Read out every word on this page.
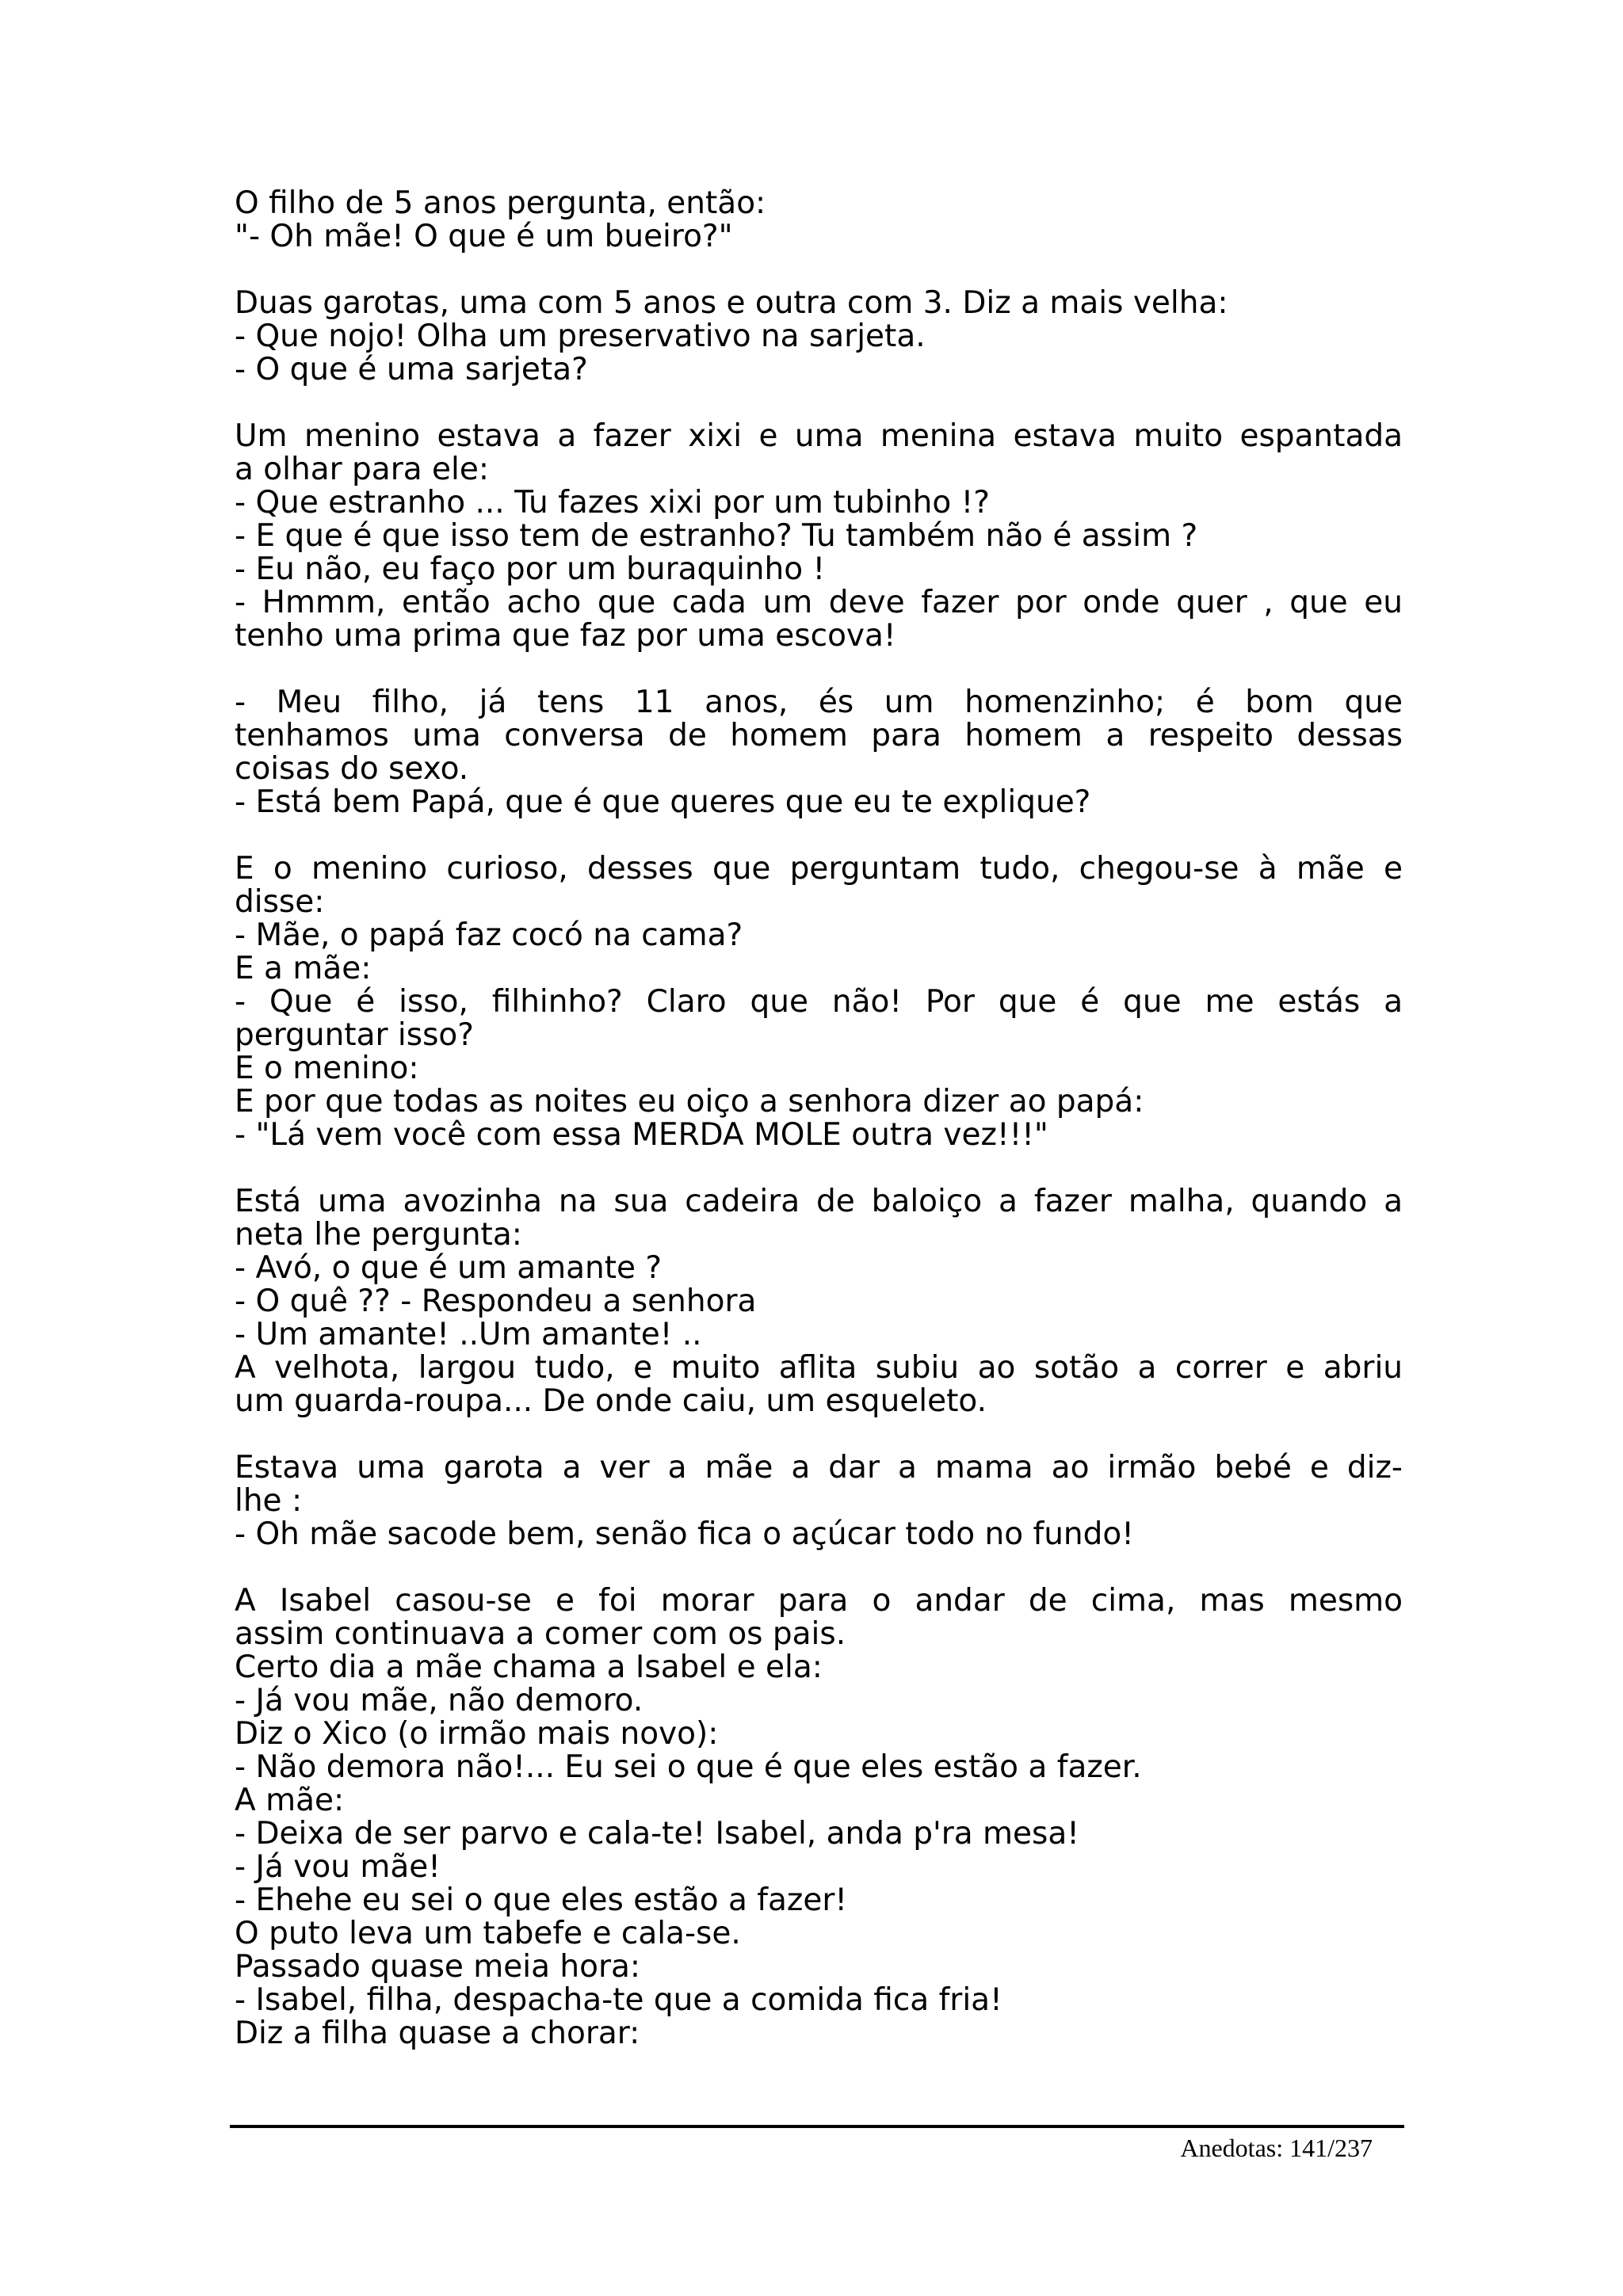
O filho de 5 anos pergunta, então:
"- Oh mãe! O que é um bueiro?"
Duas garotas, uma com 5 anos e outra com 3. Diz a mais velha:
- Que nojo! Olha um preservativo na sarjeta.
- O que é uma sarjeta?
Um menino estava a fazer xixi e uma menina estava muito espantada
a olhar para ele:
- Que estranho ... Tu fazes xixi por um tubinho !?
- E que é que isso tem de estranho? Tu também não é assim ?
- Eu não, eu faço por um buraquinho !
- Hmmm, então acho que cada um deve fazer por onde quer , que eu
tenho uma prima que faz por uma escova!
- Meu filho, já tens 11 anos, és um homenzinho; é bom que
tenhamos uma conversa de homem para homem a respeito dessas
coisas do sexo.
- Está bem Papá, que é que queres que eu te explique?
E o menino curioso, desses que perguntam tudo, chegou-se à mãe e
disse:
- Mãe, o papá faz cocó na cama?
E a mãe:
- Que é isso, filhinho? Claro que não! Por que é que me estás a
perguntar isso?
E o menino:
E por que todas as noites eu oiço a senhora dizer ao papá:
- "Lá vem você com essa MERDA MOLE outra vez!!!"
Está uma avozinha na sua cadeira de baloiço a fazer malha, quando a
neta lhe pergunta:
- Avó, o que é um amante ?
- O quê ?? - Respondeu a senhora
- Um amante! ..Um amante! ..
A velhota, largou tudo, e muito aflita subiu ao sotão a correr e abriu
um guarda-roupa... De onde caiu, um esqueleto.
Estava uma garota a ver a mãe a dar a mama ao irmão bebé e diz-
lhe :
- Oh mãe sacode bem, senão fica o açúcar todo no fundo!
A Isabel casou-se e foi morar para o andar de cima, mas mesmo
assim continuava a comer com os pais.
Certo dia a mãe chama a Isabel e ela:
- Já vou mãe, não demoro.
Diz o Xico (o irmão mais novo):
- Não demora não!... Eu sei o que é que eles estão a fazer.
A mãe:
- Deixa de ser parvo e cala-te! Isabel, anda p'ra mesa!
- Já vou mãe!
- Ehehe eu sei o que eles estão a fazer!
O puto leva um tabefe e cala-se.
Passado quase meia hora:
- Isabel, filha, despacha-te que a comida fica fria!
Diz a filha quase a chorar:
Anedotas: 141/237
